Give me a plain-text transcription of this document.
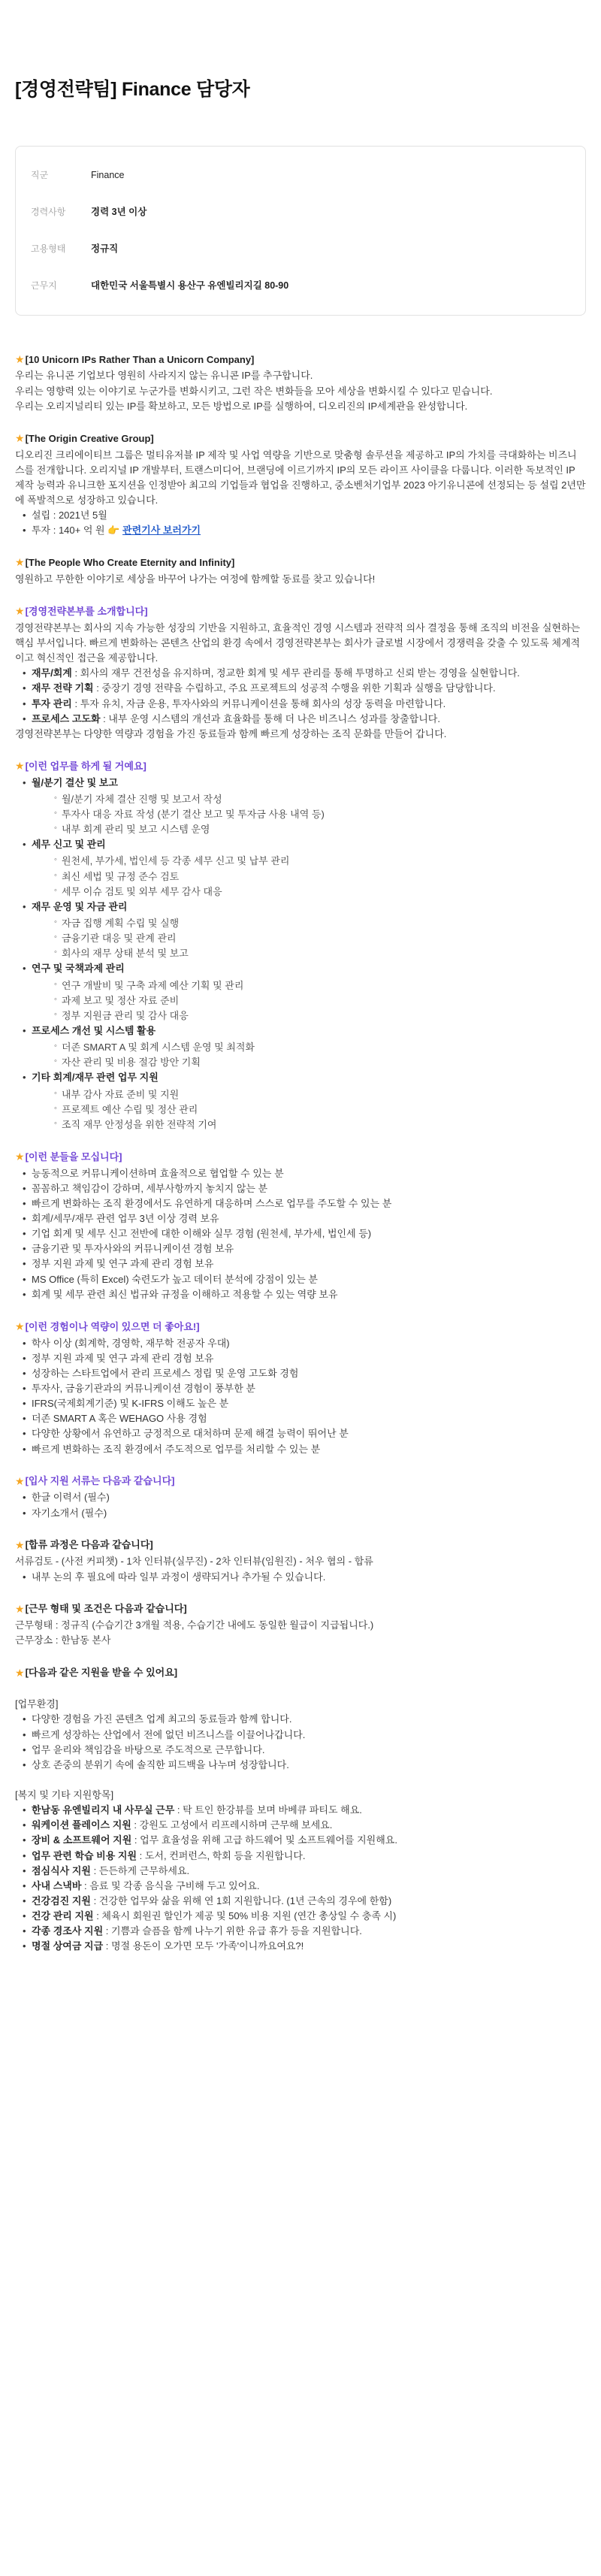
[경영전략팀] Finance 담당자
직군	Finance
경력사항	경력 3년 이상
고용형태	정규직
근무지	대한민국 서울특별시 용산구 유엔빌리지길 80-90
★ [10 Unicorn IPs Rather Than a Unicorn Company]

우리는 유니콘 기업보다 영원히 사라지지 않는 유니콘 IP를 추구합니다.

우리는 영향력 있는 이야기로 누군가를 변화시키고, 그런 작은 변화들을 모아 세상을 변화시킬 수 있다고 믿습니다.

우리는 오리지널리티 있는 IP를 확보하고, 모든 방법으로 IP를 실행하여, 디오리진의 IP세계관을 완성합니다.

★ [The Origin Creative Group]

디오리진 크리에이티브 그룹은 멀티유저블 IP 제작 및 사업 역량을 기반으로 맞춤형 솔루션을 제공하고 IP의 가치를 극대화하는 비즈니스를 전개합니다. 오리지널 IP 개발부터, 트랜스미디어, 브랜딩에 이르기까지 IP의 모든 라이프 사이클을 다룹니다. 이러한 독보적인 IP 제작 능력과 유니크한 포지션을 인정받아 최고의 기업들과 협업을 진행하고, 중소벤처기업부 2023 아기유니콘에 선정되는 등 설립 2년만에 폭발적으로 성장하고 있습니다.

• 설립 : 2021년 5월
• 투자 : 140+ 억 원 👉 관련기사 보러가기
★ [The People Who Create Eternity and Infinity]

영원하고 무한한 이야기로 세상을 바꾸어 나가는 여정에 함께할 동료를 찾고 있습니다!

★ [경영전략본부를 소개합니다]

경영전략본부는 회사의 지속 가능한 성장의 기반을 지원하고, 효율적인 경영 시스템과 전략적 의사 결정을 통해 조직의 비전을 실현하는 핵심 부서입니다. 빠르게 변화하는 콘텐츠 산업의 환경 속에서 경영전략본부는 회사가 글로벌 시장에서 경쟁력을 갖출 수 있도록 체계적이고 혁신적인 접근을 제공합니다.

• 재무/회계 : 회사의 재무 건전성을 유지하며, 정교한 회계 및 세무 관리를 통해 투명하고 신뢰 받는 경영을 실현합니다.
• 재무 전략 기획 : 중장기 경영 전략을 수립하고, 주요 프로젝트의 성공적 수행을 위한 기획과 실행을 담당합니다.
• 투자 관리 : 투자 유치, 자금 운용, 투자사와의 커뮤니케이션을 통해 회사의 성장 동력을 마련합니다.
• 프로세스 고도화 : 내부 운영 시스템의 개선과 효율화를 통해 더 나은 비즈니스 성과를 창출합니다.

경영전략본부는 다양한 역량과 경험을 가진 동료들과 함께 빠르게 성장하는 조직 문화를 만들어 갑니다.

★ [이런 업무를 하게 될 거예요]
• 월/분기 결산 및 보고
◦ 월/분기 자체 결산 진행 및 보고서 작성
◦ 투자사 대응 자료 작성 (분기 결산 보고 및 투자금 사용 내역 등)
◦ 내부 회계 관리 및 보고 시스템 운영
• 세무 신고 및 관리
◦ 원천세, 부가세, 법인세 등 각종 세무 신고 및 납부 관리
◦ 최신 세법 및 규정 준수 검토
◦ 세무 이슈 검토 및 외부 세무 감사 대응
• 재무 운영 및 자금 관리
◦ 자금 집행 계획 수립 및 실행
◦ 금융기관 대응 및 관계 관리
◦ 회사의 재무 상태 분석 및 보고
• 연구 및 국책과제 관리
◦ 연구 개발비 및 구축 과제 예산 기획 및 관리
◦ 과제 보고 및 정산 자료 준비
◦ 정부 지원금 관리 및 감사 대응
• 프로세스 개선 및 시스템 활용
◦ 더존 SMART A 및 회계 시스템 운영 및 최적화
◦ 자산 관리 및 비용 절감 방안 기획
• 기타 회계/재무 관련 업무 지원
◦ 내부 감사 자료 준비 및 지원
◦ 프로젝트 예산 수립 및 정산 관리
◦ 조직 재무 안정성을 위한 전략적 기여
★ [이런 분들을 모십니다]
• 능동적으로 커뮤니케이션하며 효율적으로 협업할 수 있는 분
• 꼼꼼하고 책임감이 강하며, 세부사항까지 놓치지 않는 분
• 빠르게 변화하는 조직 환경에서도 유연하게 대응하며 스스로 업무를 주도할 수 있는 분
• 회계/세무/재무 관련 업무 3년 이상 경력 보유
• 기업 회계 및 세무 신고 전반에 대한 이해와 실무 경험 (원천세, 부가세, 법인세 등)
• 금융기관 및 투자사와의 커뮤니케이션 경험 보유
• 정부 지원 과제 및 연구 과제 관리 경험 보유
• MS Office (특히 Excel) 숙련도가 높고 데이터 분석에 강점이 있는 분
• 회계 및 세무 관련 최신 법규와 규정을 이해하고 적용할 수 있는 역량 보유
★ [이런 경험이나 역량이 있으면 더 좋아요!]
• 학사 이상 (회계학, 경영학, 재무학 전공자 우대)
• 정부 지원 과제 및 연구 과제 관리 경험 보유
• 성장하는 스타트업에서 관리 프로세스 정립 및 운영 고도화 경험
• 투자사, 금융기관과의 커뮤니케이션 경험이 풍부한 분
• IFRS(국제회계기준) 및 K-IFRS 이해도 높은 분
• 더존 SMART A 혹은 WEHAGO 사용 경험
• 다양한 상황에서 유연하고 긍정적으로 대처하며 문제 해결 능력이 뛰어난 분
• 빠르게 변화하는 조직 환경에서 주도적으로 업무를 처리할 수 있는 분
★ [입사 지원 서류는 다음과 같습니다]
• 한글 이력서 (필수)
• 자기소개서 (필수)
★ [합류 과정은 다음과 같습니다]

서류검토 - (사전 커피챗) - 1차 인터뷰(실무진) - 2차 인터뷰(임원진) - 처우 협의 - 합류

• 내부 논의 후 필요에 따라 일부 과정이 생략되거나 추가될 수 있습니다.
★ [근무 형태 및 조건은 다음과 같습니다]

근무형태 : 정규직 (수습기간 3개월 적용, 수습기간 내에도 동일한 월급이 지급됩니다.)

근무장소 : 한남동 본사

★ [다음과 같은 지원을 받을 수 있어요]

[업무환경]

• 다양한 경험을 가진 콘텐츠 업계 최고의 동료들과 함께 합니다.
• 빠르게 성장하는 산업에서 전에 없던 비즈니스를 이끌어나갑니다.
• 업무 윤리와 책임감을 바탕으로 주도적으로 근무합니다.
• 상호 존중의 분위기 속에 솔직한 피드백을 나누며 성장합니다.

[복지 및 기타 지원항목]

• 한남동 유엔빌리지 내 사무실 근무 : 탁 트인 한강뷰를 보며 바베큐 파티도 해요.
• 워케이션 플레이스 지원 : 강원도 고성에서 리프레시하며 근무해 보세요.
• 장비 & 소프트웨어 지원 : 업무 효율성을 위해 고급 하드웨어 및 소프트웨어를 지원해요.
• 업무 관련 학습 비용 지원 : 도서, 컨퍼런스, 학회 등을 지원합니다.
• 점심식사 지원 : 든든하게 근무하세요.
• 사내 스낵바 : 음료 및 각종 음식을 구비해 두고 있어요.
• 건강검진 지원 : 건강한 업무와 삶을 위해 연 1회 지원합니다. (1년 근속의 경우에 한함)
• 건강 관리 지원 : 체육시 회원권 할인가 제공 및 50% 비용 지원 (연간 총상일 수 충족 시)
• 각종 경조사 지원 : 기쁨과 슬픔을 함께 나누기 위한 유급 휴가 등을 지원합니다.
• 명절 상여금 지급 : 명절 용돈이 오가면 모두 '가족'이니까요여요?!
